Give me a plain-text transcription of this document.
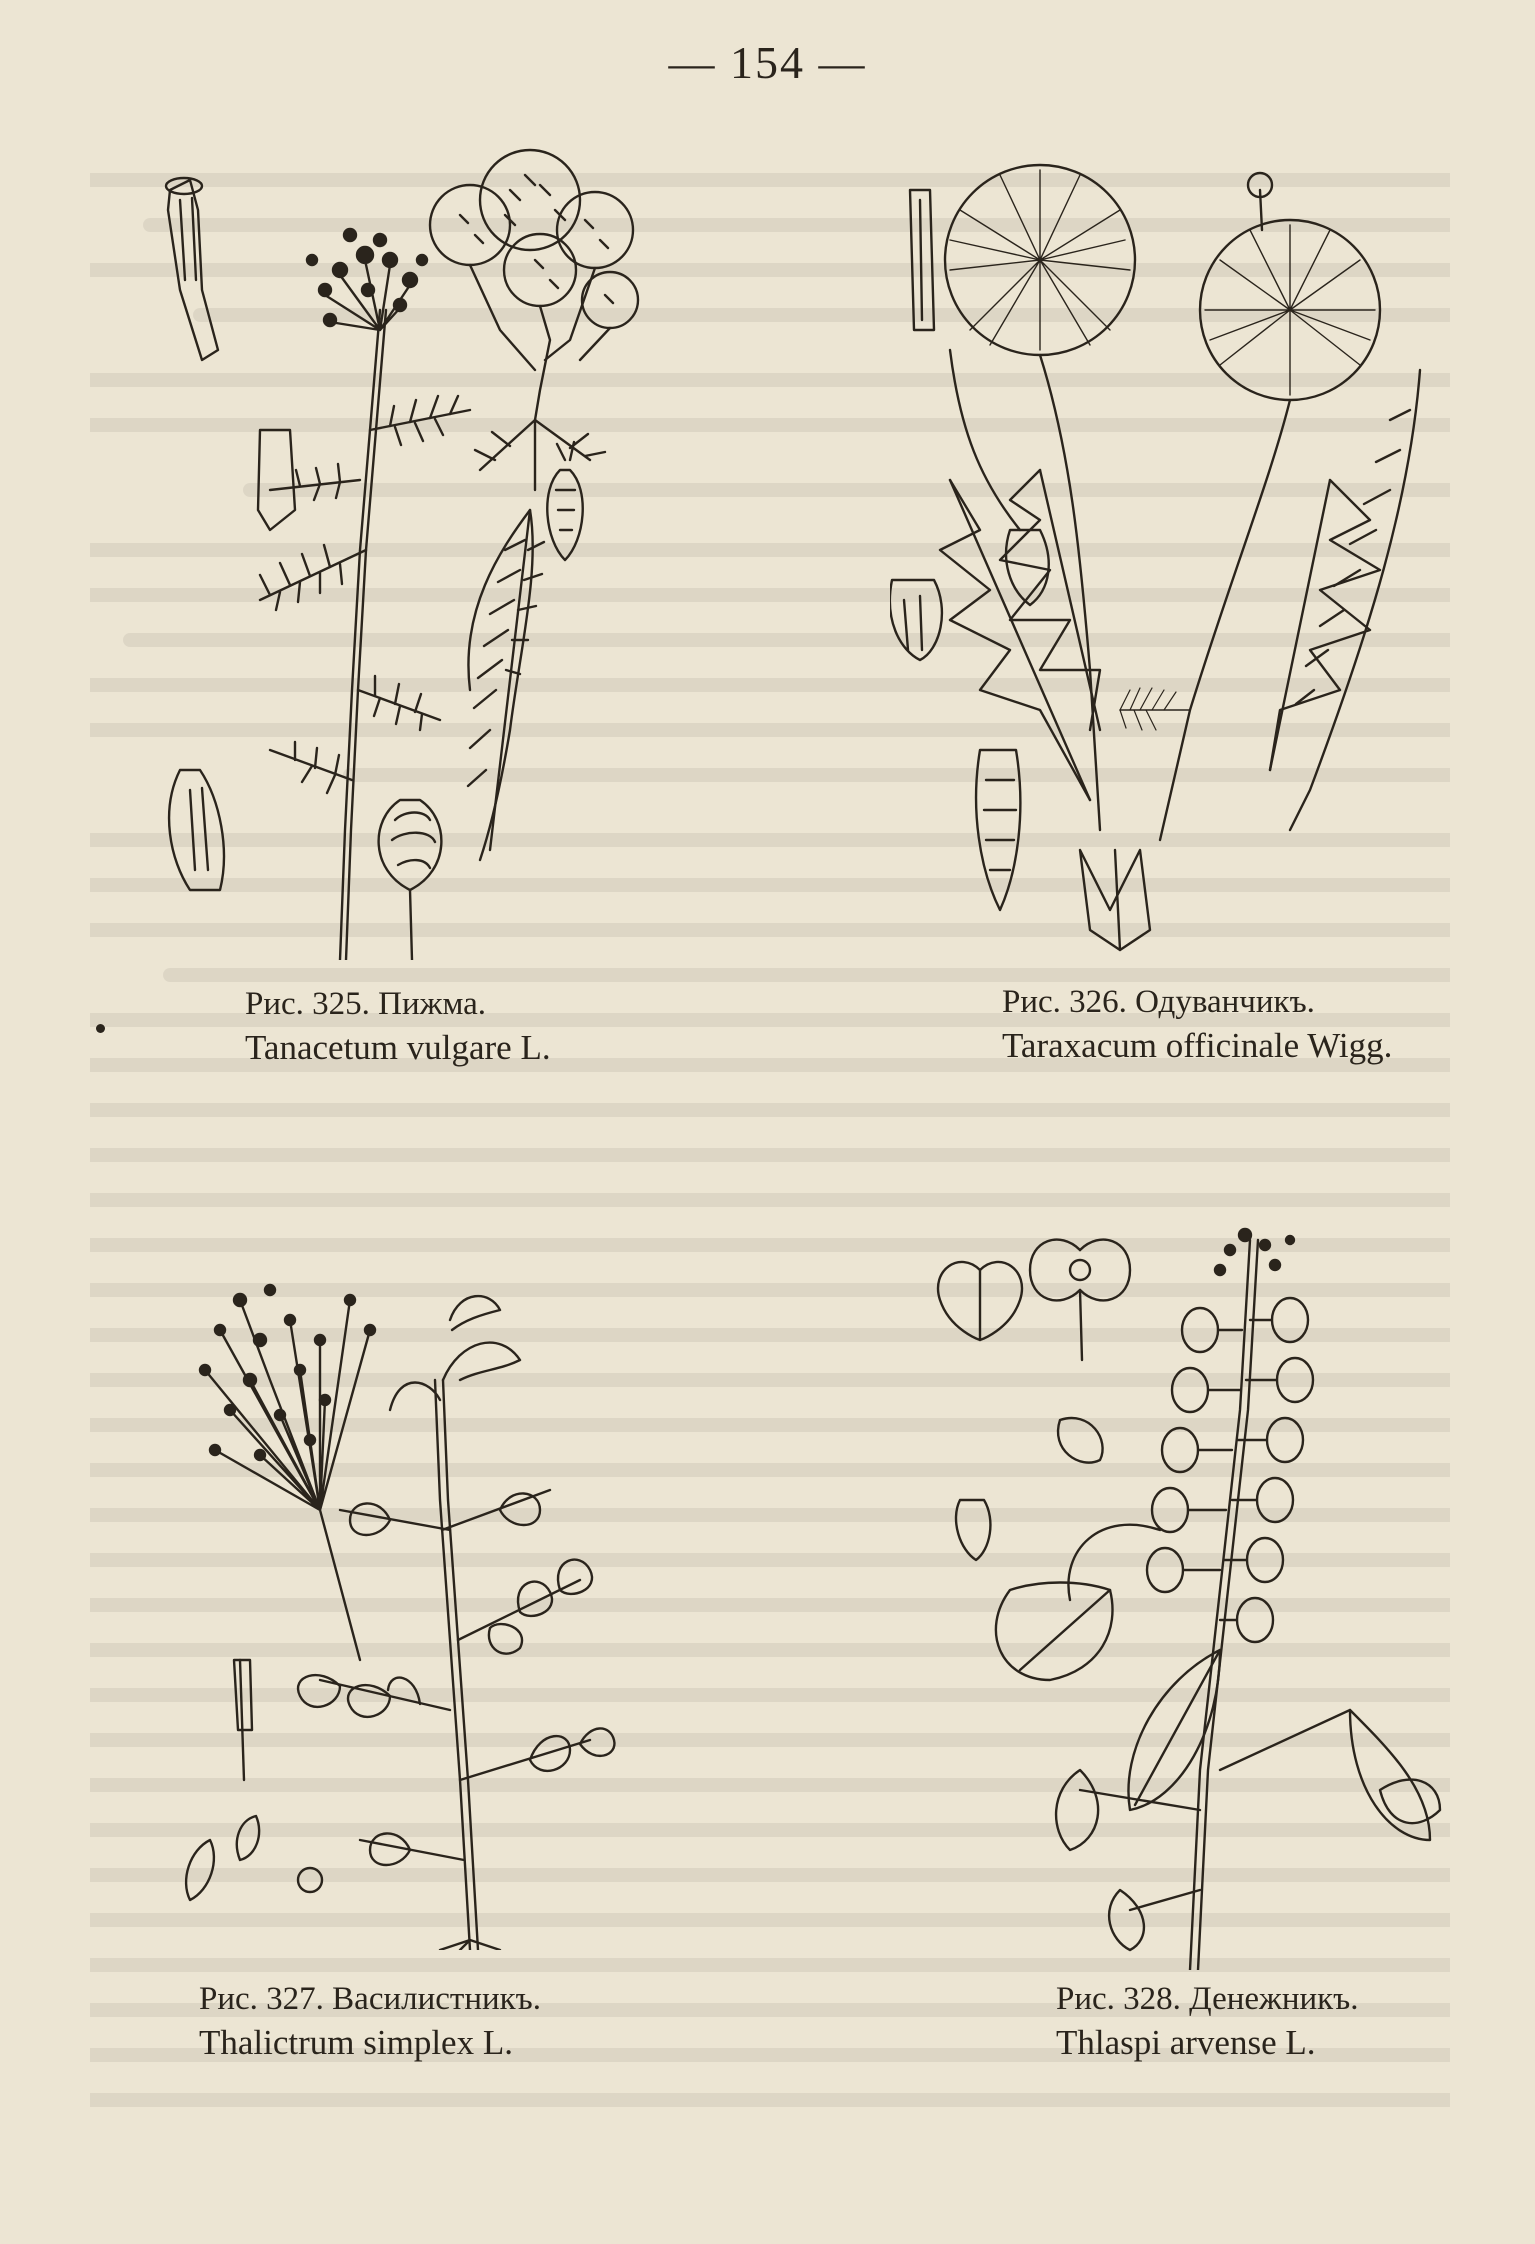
— 154 —
Рис. 325. Пижма.
Tanacetum vulgare L.
Рис. 326. Одуванчикъ.
Taraxacum officinale Wigg.
Рис. 327. Василистникъ.
Thalictrum simplex L.
Рис. 328. Денежникъ.
Thlaspi arvense L.
